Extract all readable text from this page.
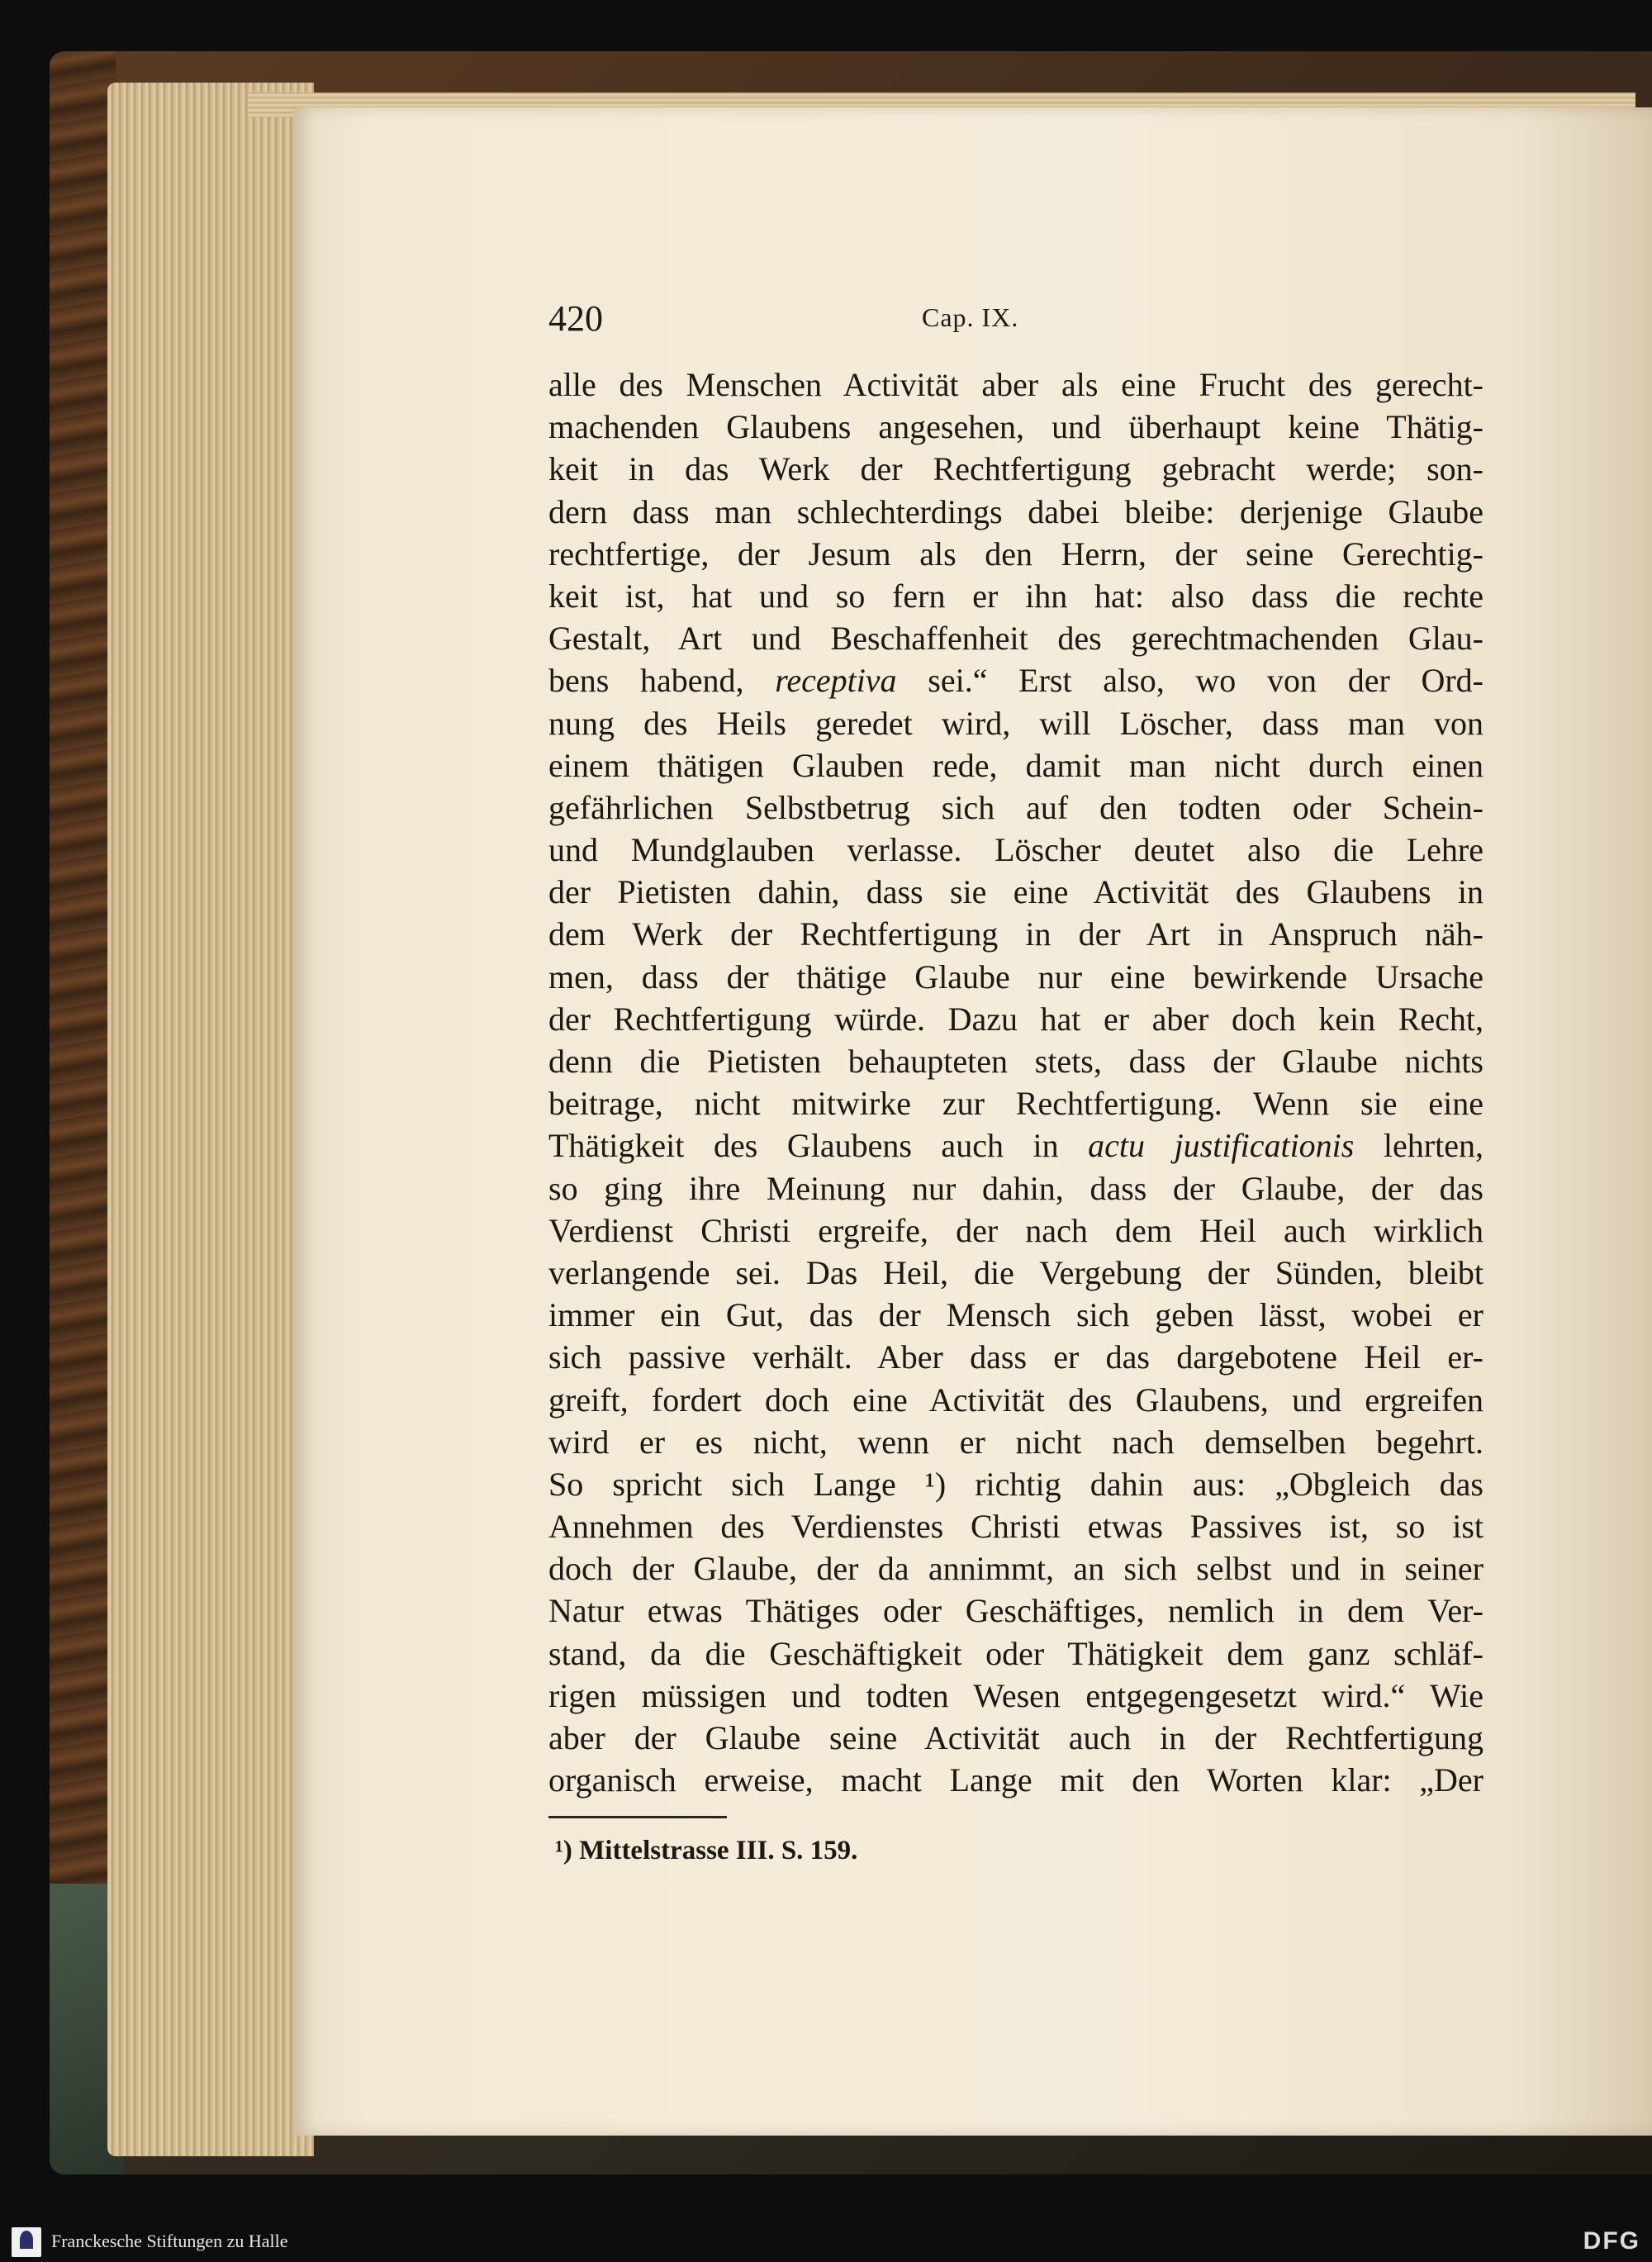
420	Cap. IX.
alle des Menschen Activität aber als eine Frucht des gerecht-
machenden Glaubens angesehen, und überhaupt keine Thätig-
keit in das Werk der Rechtfertigung gebracht werde; son-
dern dass man schlechterdings dabei bleibe: derjenige Glaube
rechtfertige, der Jesum als den Herrn, der seine Gerechtig-
keit ist, hat und so fern er ihn hat: also dass die rechte
Gestalt, Art und Beschaffenheit des gerechtmachenden Glau-
bens habend, receptiva sei.“ Erst also, wo von der Ord-
nung des Heils geredet wird, will Löscher, dass man von
einem thätigen Glauben rede, damit man nicht durch einen
gefährlichen Selbstbetrug sich auf den todten oder Schein-
und Mundglauben verlasse. Löscher deutet also die Lehre
der Pietisten dahin, dass sie eine Activität des Glaubens in
dem Werk der Rechtfertigung in der Art in Anspruch näh-
men, dass der thätige Glaube nur eine bewirkende Ursache
der Rechtfertigung würde. Dazu hat er aber doch kein Recht,
denn die Pietisten behaupteten stets, dass der Glaube nichts
beitrage, nicht mitwirke zur Rechtfertigung. Wenn sie eine
Thätigkeit des Glaubens auch in actu justificationis lehrten,
so ging ihre Meinung nur dahin, dass der Glaube, der das
Verdienst Christi ergreife, der nach dem Heil auch wirklich
verlangende sei. Das Heil, die Vergebung der Sünden, bleibt
immer ein Gut, das der Mensch sich geben lässt, wobei er
sich passive verhält. Aber dass er das dargebotene Heil er-
greift, fordert doch eine Activität des Glaubens, und ergreifen
wird er es nicht, wenn er nicht nach demselben begehrt.
So spricht sich Lange ¹) richtig dahin aus: „Obgleich das
Annehmen des Verdienstes Christi etwas Passives ist, so ist
doch der Glaube, der da annimmt, an sich selbst und in seiner
Natur etwas Thätiges oder Geschäftiges, nemlich in dem Ver-
stand, da die Geschäftigkeit oder Thätigkeit dem ganz schläf-
rigen müssigen und todten Wesen entgegengesetzt wird.“ Wie
aber der Glaube seine Activität auch in der Rechtfertigung
organisch erweise, macht Lange mit den Worten klar: „Der
¹) Mittelstrasse III. S. 159.
Franckesche Stiftungen zu Halle	DFG
